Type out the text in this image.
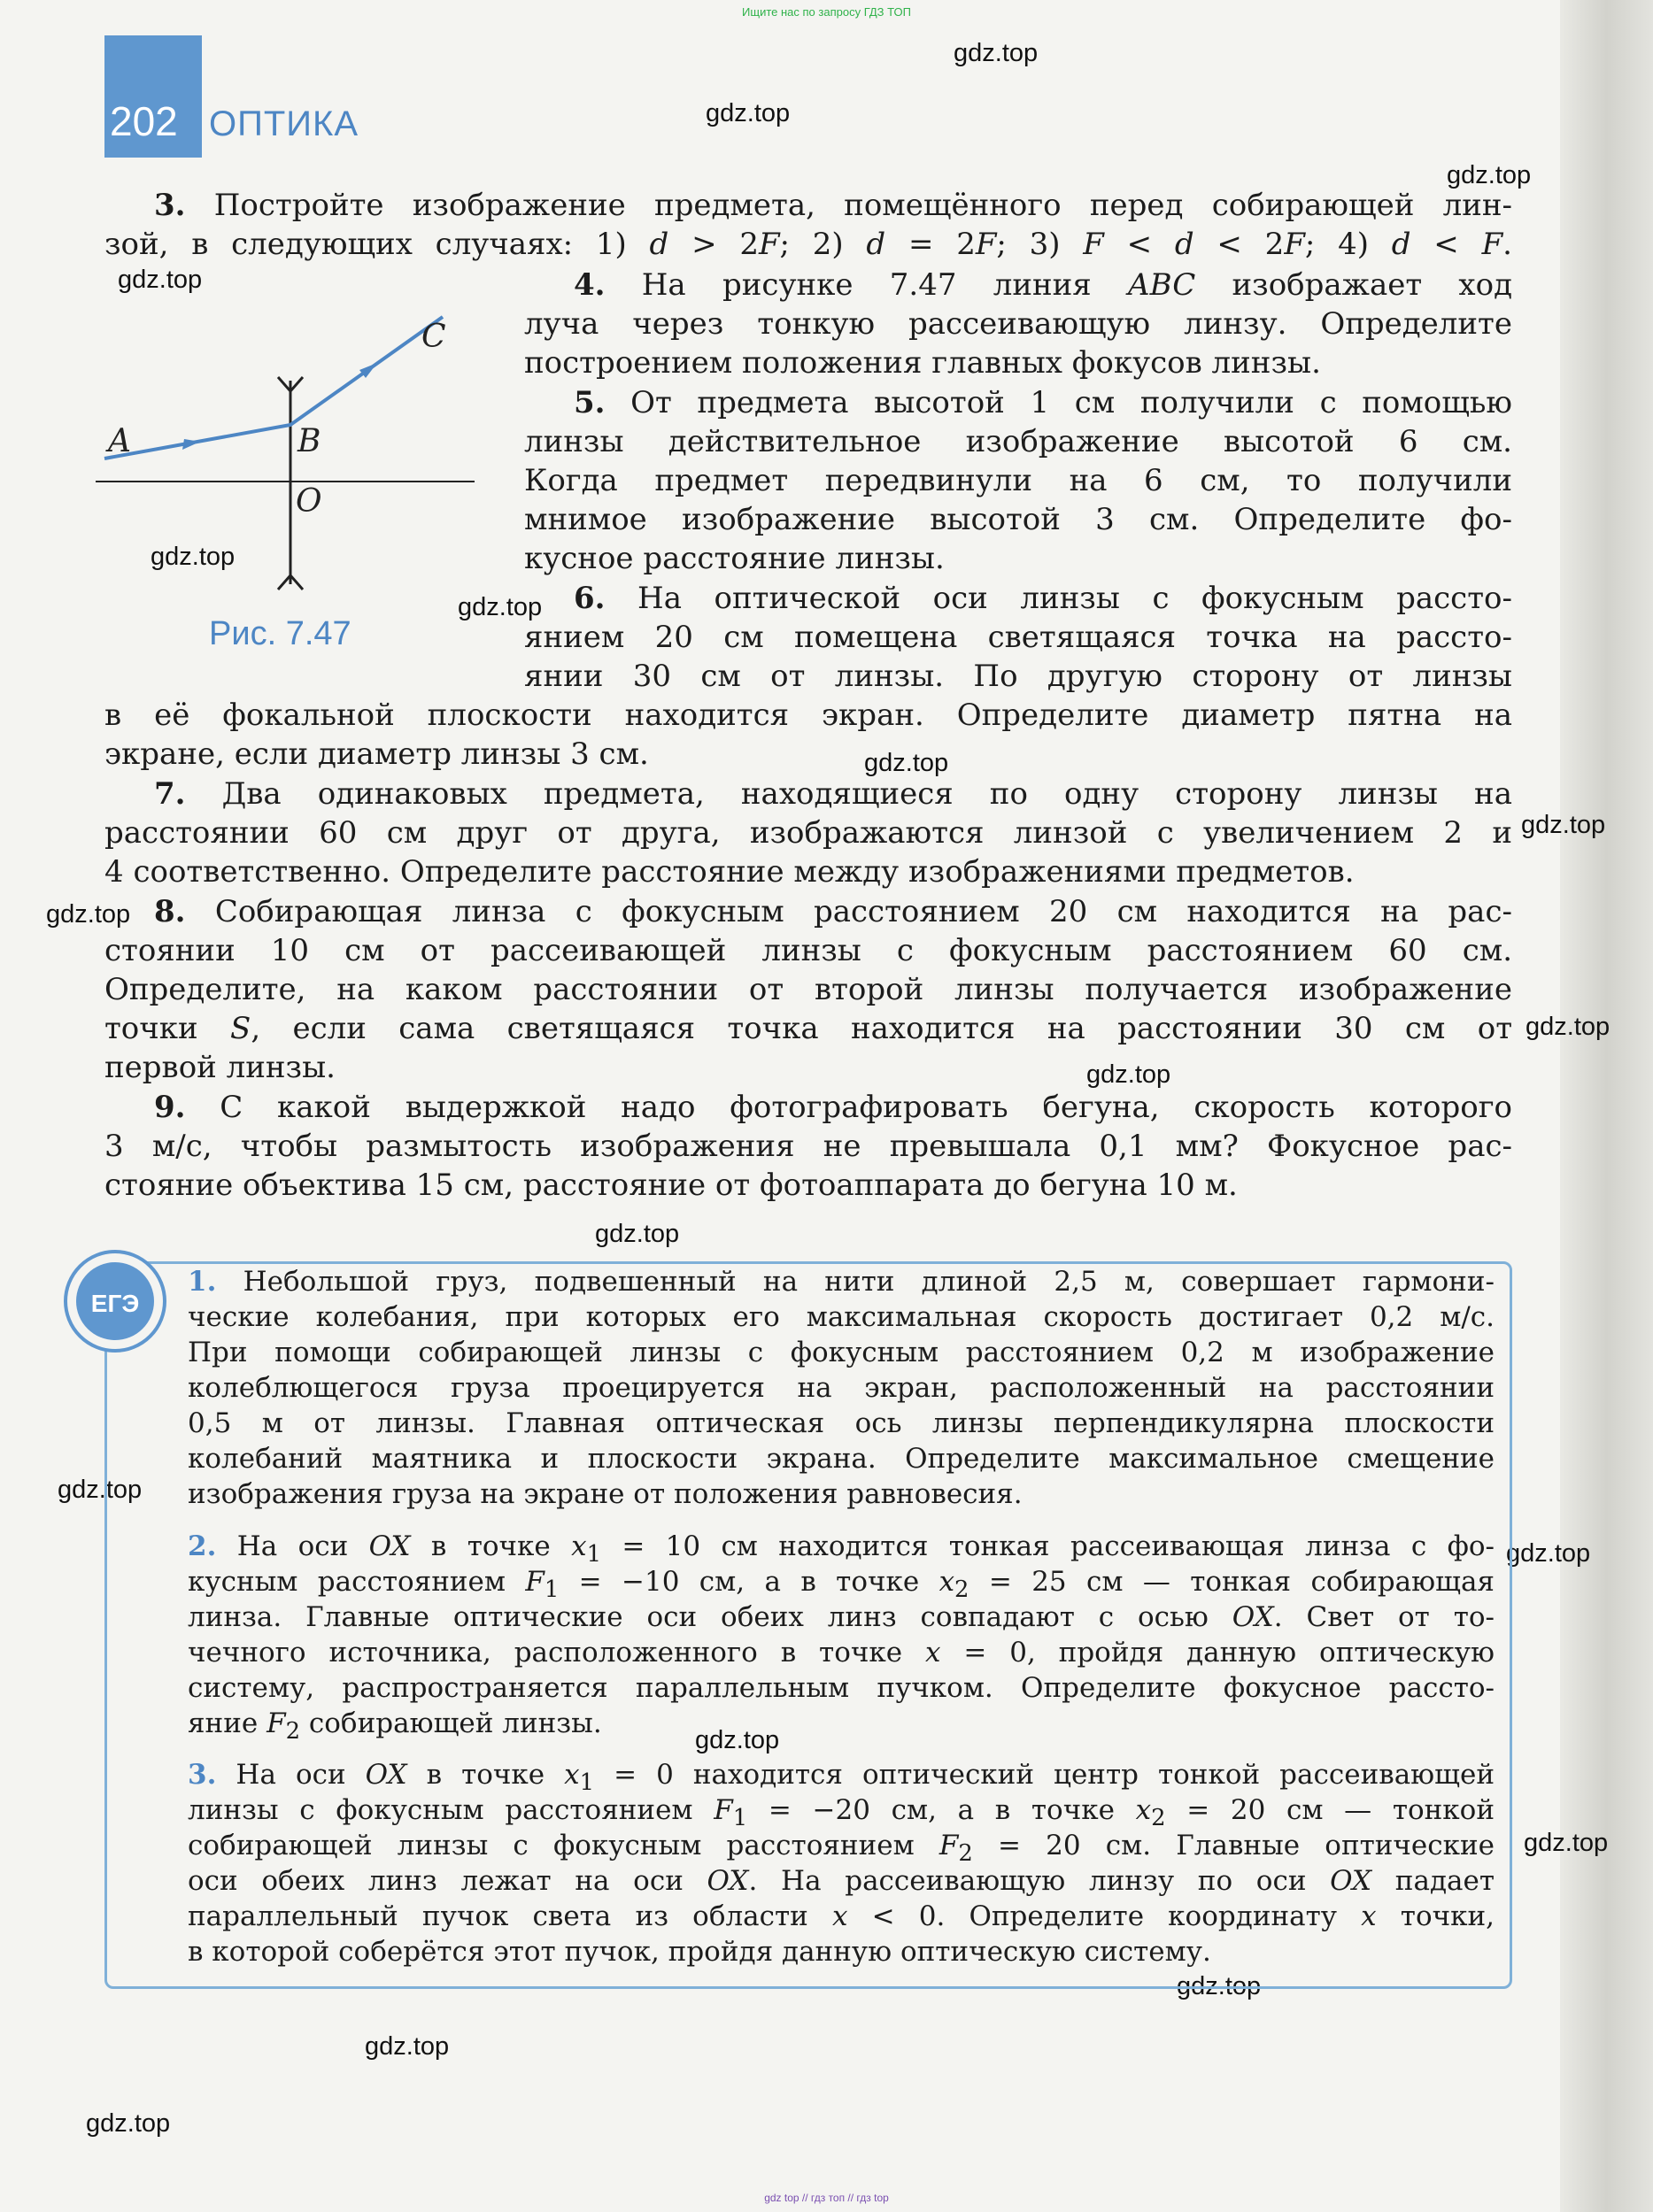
Ищите нас по запросу ГДЗ ТОП
gdz top // гдз топ // гдз top
202 ОПТИКА
gdz.top
gdz.top
gdz.top
gdz.top
gdz.top
gdz.top
gdz.top
gdz.top
gdz.top
gdz.top
gdz.top
gdz.top
gdz.top
gdz.top
gdz.top
gdz.top
gdz.top
gdz.top
gdz.top
A	B
C
O
Рис. 7.47
3. Постройте изображение предмета, помещённого перед собирающей лин-
зой, в следующих случаях: 1) d > 2F; 2) d = 2F; 3) F < d < 2F; 4) d < F.
4. На рисунке 7.47 линия ABC изображает ход
луча через тонкую рассеивающую линзу. Определите
построением положения главных фокусов линзы.
5. От предмета высотой 1 см получили с помощью
линзы действительное изображение высотой 6 см.
Когда предмет передвинули на 6 см, то получили
мнимое изображение высотой 3 см. Определите фо-
кусное расстояние линзы.
6. На оптической оси линзы с фокусным рассто-
янием 20 см помещена светящаяся точка на рассто-
янии 30 см от линзы. По другую сторону от линзы
в её фокальной плоскости находится экран. Определите диаметр пятна на
экране, если диаметр линзы 3 см.
7. Два одинаковых предмета, находящиеся по одну сторону линзы на
расстоянии 60 см друг от друга, изображаются линзой с увеличением 2 и
4 соответственно. Определите расстояние между изображениями предметов.
8. Собирающая линза с фокусным расстоянием 20 см находится на рас-
стоянии 10 см от рассеивающей линзы с фокусным расстоянием 60 см.
Определите, на каком расстоянии от второй линзы получается изображение
точки S, если сама светящаяся точка находится на расстоянии 30 см от
первой линзы.
9. С какой выдержкой надо фотографировать бегуна, скорость которого
3 м/с, чтобы размытость изображения не превышала 0,1 мм? Фокусное рас-
стояние объектива 15 см, расстояние от фотоаппарата до бегуна 10 м.
ЕГЭ
1. Небольшой груз, подвешенный на нити длиной 2,5 м, совершает гармони-
ческие колебания, при которых его максимальная скорость достигает 0,2 м/с.
При помощи собирающей линзы с фокусным расстоянием 0,2 м изображение
колеблющегося груза проецируется на экран, расположенный на расстоянии
0,5 м от линзы. Главная оптическая ось линзы перпендикулярна плоскости
колебаний маятника и плоскости экрана. Определите максимальное смещение
изображения груза на экране от положения равновесия.
2. На оси OX в точке $x_1 = 10$ см находится тонкая рассеивающая линза с фо-
кусным расстоянием $F_1 = -10$ см, а в точке $x_2 = 25$ см — тонкая собирающая
линза. Главные оптические оси обеих линз совпадают с осью OX. Свет от то-
чечного источника, расположенного в точке x = 0, пройдя данную оптическую
систему, распространяется параллельным пучком. Определите фокусное рассто-
яние $F_2$ собирающей линзы.
3. На оси OX в точке $x_1 = 0$ находится оптический центр тонкой рассеивающей
линзы с фокусным расстоянием $F_1 = -20$ см, а в точке $x_2 = 20$ см — тонкой
собирающей линзы с фокусным расстоянием $F_2 = 20$ см. Главные оптические
оси обеих линз лежат на оси OX. На рассеивающую линзу по оси OX падает
параллельный пучок света из области x < 0. Определите координату x точки,
в которой соберётся этот пучок, пройдя данную оптическую систему.
